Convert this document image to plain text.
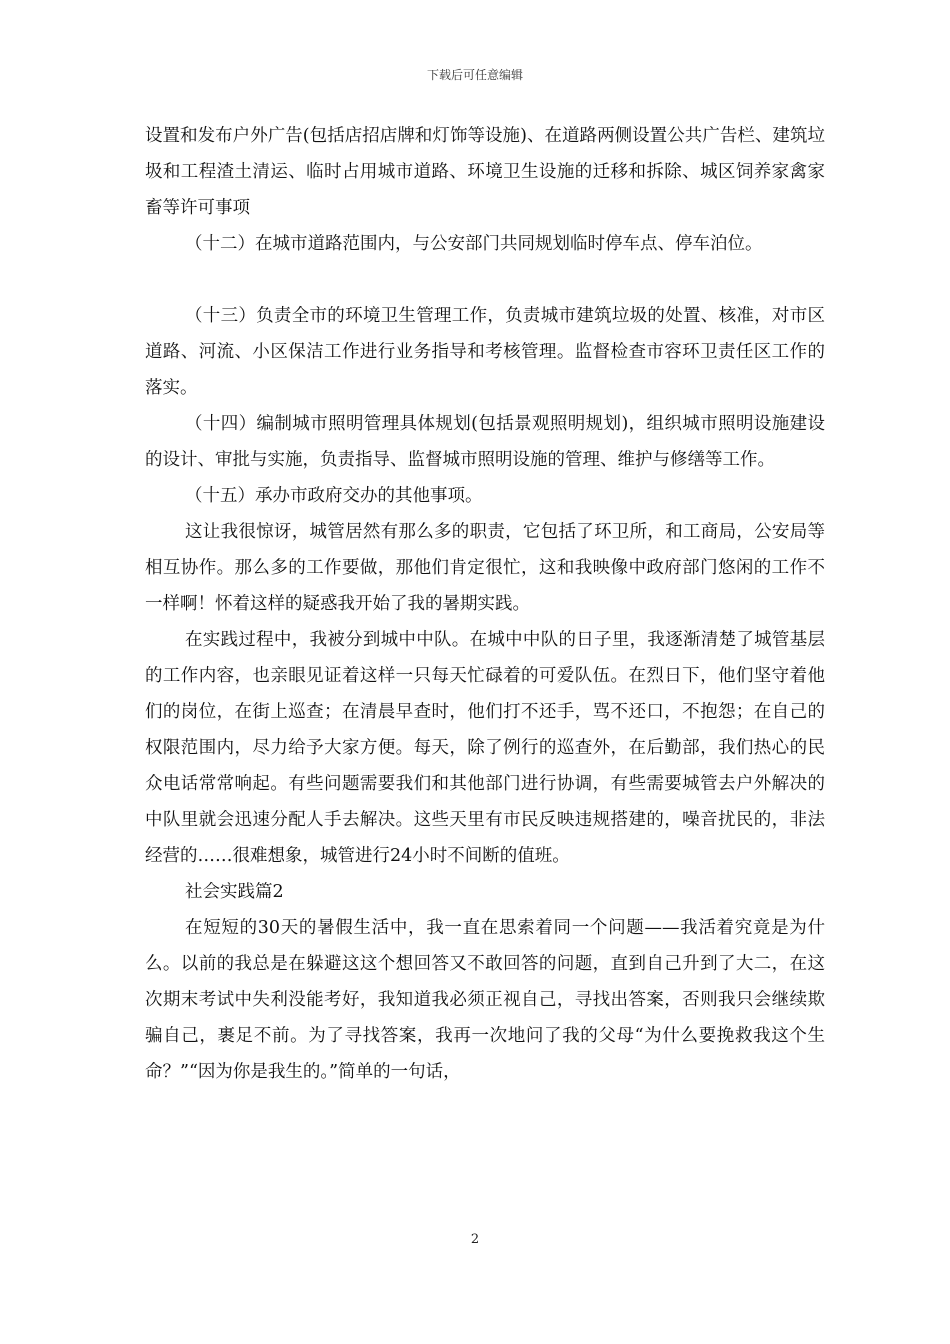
下载后可任意编辑

设置和发布户外广告(包括店招店牌和灯饰等设施)、在道路两侧设置公共广告栏、建筑垃圾和工程渣土清运、临时占用城市道路、环境卫生设施的迁移和拆除、城区饲养家禽家畜等许可事项

（十二）在城市道路范围内，与公安部门共同规划临时停车点、停车泊位。

（十三）负责全市的环境卫生管理工作，负责城市建筑垃圾的处置、核准，对市区道路、河流、小区保洁工作进行业务指导和考核管理。监督检查市容环卫责任区工作的落实。

（十四）编制城市照明管理具体规划(包括景观照明规划)，组织城市照明设施建设的设计、审批与实施，负责指导、监督城市照明设施的管理、维护与修缮等工作。

（十五）承办市政府交办的其他事项。

这让我很惊讶，城管居然有那么多的职责，它包括了环卫所，和工商局，公安局等相互协作。那么多的工作要做，那他们肯定很忙，这和我映像中政府部门悠闲的工作不一样啊！怀着这样的疑惑我开始了我的暑期实践。

在实践过程中，我被分到城中中队。在城中中队的日子里，我逐渐清楚了城管基层的工作内容，也亲眼见证着这样一只每天忙碌着的可爱队伍。在烈日下，他们坚守着他们的岗位，在街上巡查；在清晨早查时，他们打不还手，骂不还口，不抱怨；在自己的权限范围内，尽力给予大家方便。每天，除了例行的巡查外，在后勤部，我们热心的民众电话常常响起。有些问题需要我们和其他部门进行协调，有些需要城管去户外解决的中队里就会迅速分配人手去解决。这些天里有市民反映违规搭建的，噪音扰民的，非法经营的……很难想象，城管进行24小时不间断的值班。

社会实践篇2

在短短的30天的暑假生活中，我一直在思索着同一个问题——我活着究竟是为什么。以前的我总是在躲避这这个想回答又不敢回答的问题，直到自己升到了大二，在这次期末考试中失利没能考好，我知道我必须正视自己，寻找出答案，否则我只会继续欺骗自己，裹足不前。为了寻找答案，我再一次地问了我的父母“为什么要挽救我这个生命？”“因为你是我生的。”简单的一句话，

2
